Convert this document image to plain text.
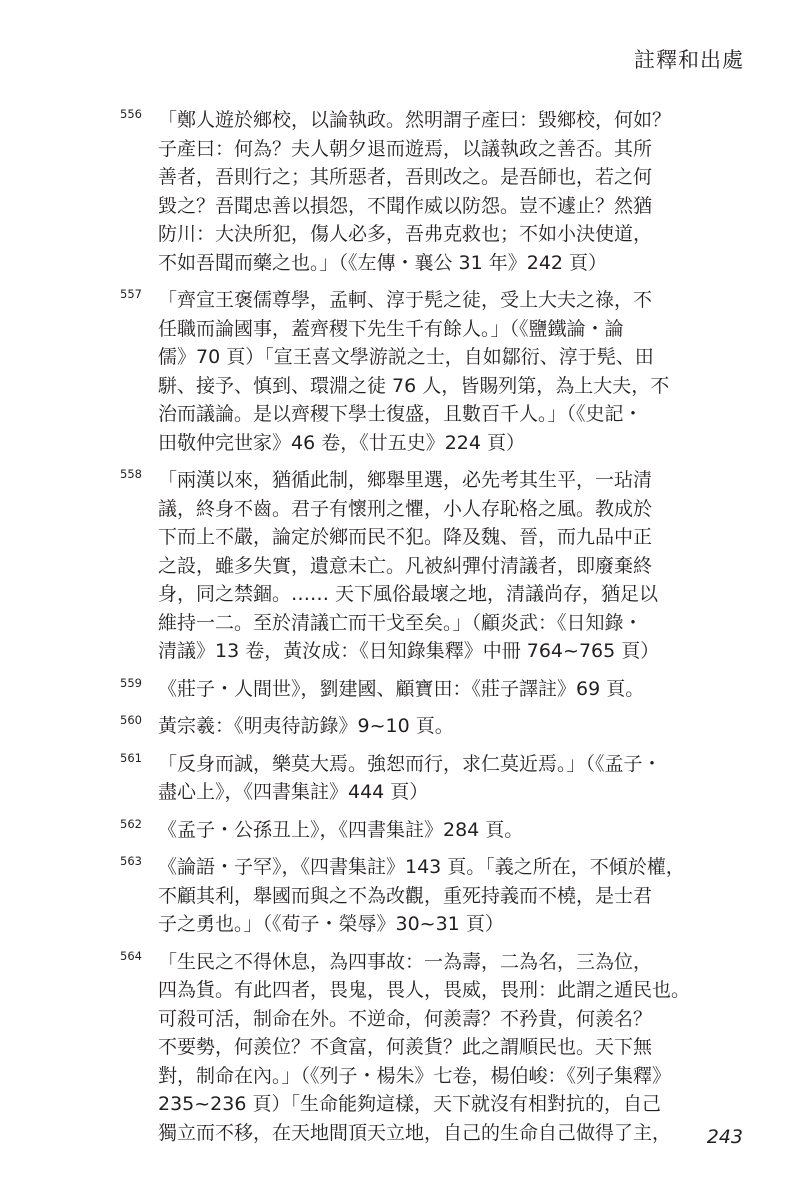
註釋和出處
556 「鄭人遊於鄉校，以論執政。然明謂子產曰：毀鄉校，何如？
子產曰：何為？夫人朝夕退而遊焉，以議執政之善否。其所
善者，吾則行之；其所惡者，吾則改之。是吾師也，若之何
毀之？吾聞忠善以損怨，不聞作威以防怨。豈不遽止？然猶
防川：大決所犯，傷人必多，吾弗克救也；不如小決使道，
不如吾聞而藥之也。」（《左傳・襄公 31 年》242 頁）
557 「齊宣王褒儒尊學，孟軻、淳于髡之徒，受上大夫之祿，不
任職而論國事，蓋齊稷下先生千有餘人。」（《鹽鐵論・論
儒》70 頁）「宣王喜文學游説之士，自如鄒衍、淳于髡、田
駢、接予、慎到、環淵之徒 76 人，皆賜列第，為上大夫，不
治而議論。是以齊稷下學士復盛，且數百千人。」（《史記・
田敬仲完世家》46 卷，《廿五史》224 頁）
558 「兩漢以來，猶循此制，鄉舉里選，必先考其生平，一玷清
議，終身不齒。君子有懷刑之懼，小人存恥格之風。教成於
下而上不嚴，論定於鄉而民不犯。降及魏、晉，而九品中正
之設，雖多失實，遺意未亡。凡被糾彈付清議者，即廢棄終
身，同之禁錮。…… 天下風俗最壞之地，清議尚存，猶足以
維持一二。至於清議亡而干戈至矣。」（顧炎武：《日知錄・
清議》13 卷，黃汝成：《日知錄集釋》中冊 764~765 頁）
559 《莊子・人間世》，劉建國、顧寶田：《莊子譯註》69 頁。
560 黃宗羲：《明夷待訪錄》9~10 頁。
561 「反身而誠，樂莫大焉。強恕而行，求仁莫近焉。」（《孟子・
盡心上》，《四書集註》444 頁）
562 《孟子・公孫丑上》，《四書集註》284 頁。
563 《論語・子罕》，《四書集註》143 頁。「義之所在，不傾於權，
不顧其利，舉國而與之不為改觀，重死持義而不橈，是士君
子之勇也。」（《荀子・榮辱》30~31 頁）
564 「生民之不得休息，為四事故：一為壽，二為名，三為位，
四為貨。有此四者，畏鬼，畏人，畏威，畏刑：此謂之遁民也。
可殺可活，制命在外。不逆命，何羨壽？不矜貴，何羨名？
不要勢，何羨位？不貪富，何羨貨？此之謂順民也。天下無
對，制命在內。」（《列子・楊朱》七卷，楊伯峻：《列子集釋》
235~236 頁）「生命能夠這樣，天下就沒有相對抗的，自己
獨立而不移，在天地間頂天立地，自己的生命自己做得了主，	243
